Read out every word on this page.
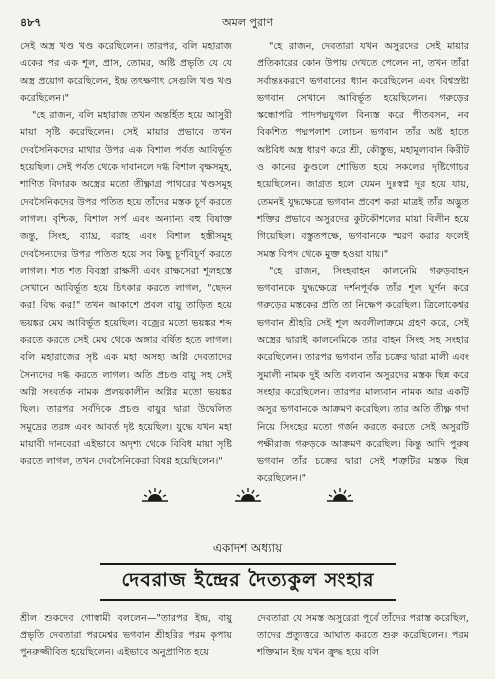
৪৮৭	অমল পুরাণ

সেই অস্ত্র খণ্ড খণ্ড করেছিলেন। তারপর, বলি মহারাজ একের পর এক শূল, প্রাস, তোমর, অষ্টি প্রভৃতি যে যে অস্ত্র প্রয়োগ করেছিলেন, ইন্দ্র তৎক্ষণাৎ সেগুলি খণ্ড খণ্ড করেছিলেন।"

"হে রাজন, বলি মহারাজ তখন অন্তর্হিত হয়ে আসুরী মায়া সৃষ্টি করেছিলেন। সেই মায়ার প্রভাবে তখন দেবসৈনিকদের মাথার উপর এক বিশাল পর্বত আবির্ভূত হয়েছিল। সেই পর্বত থেকে দাবানলে দগ্ধ বিশাল বৃক্ষসমূহ, শাণিত বিদারক অস্ত্রের মতো তীক্ষ্ণাগ্র পাথরের খণ্ডসমূহ দেবসৈনিকদের উপর পতিত হয়ে তাঁদের মস্তক চূর্ণ করতে লাগল। বৃশ্চিক, বিশাল সর্প এবং অন্যান্য বহু বিষাক্ত জন্তু, সিংহ, ব্যাঘ্র, বরাহ এবং বিশাল হস্তীসমূহ দেবসৈন্যদের উপর পতিত হয়ে সব কিছু চূর্ণবিচূর্ণ করতে লাগল। শত শত বিবস্ত্রা রাক্ষসী এবং রাক্ষসেরা শূলহস্তে সেখানে আবির্ভূত হয়ে চিৎকার করতে লাগল, "ছেদন কর! বিদ্ধ কর!" তখন আকাশে প্রবল বায়ু তাড়িত হয়ে ভয়ঙ্কর মেঘ আবির্ভূত হয়েছিল। বজ্রের মতো ভয়ঙ্কর শব্দ করতে করতে সেই মেঘ থেকে অঙ্গার বর্ষিত হতে লাগল। বলি মহারাজের সৃষ্ট এক মহা অসহ্য অগ্নি দেবতাদের সৈন্যদের দগ্ধ করতে লাগল। অতি প্রচণ্ড বায়ু সহ সেই অগ্নি সংবর্তক নামক প্রলয়কালীন অগ্নির মতো ভয়ঙ্কর ছিল। তারপর সর্বদিকে প্রচণ্ড বায়ুর দ্বারা উদ্বেলিত সমুদ্রের তরঙ্গ এবং আবর্ত দৃষ্ট হয়েছিল। যুদ্ধে যখন মহা মায়াবী দানবেরা এইভাবে অদৃশ্য থেকে বিবিধ মায়া সৃষ্টি করতে লাগল, তখন দেবসৈনিকেরা বিষণ্ণ হয়েছিলেন।"

"হে রাজন, দেবতারা যখন অসুরদের সেই মায়ার প্রতিকারের কোন উপায় দেখতে পেলেন না, তখন তাঁরা সর্বান্তঃকরণে ভগবানের ধ্যান করেছিলেন এবং বিশ্বস্রষ্টা ভগবান সেখানে আবির্ভূত হয়েছিলেন। গরুড়ের স্কন্ধোপরি পাদপদ্মযুগল বিন্যস্ত করে পীতবসন, নব বিকশিত পদ্মপলাশ লোচন ভগবান তাঁর অষ্ট হাতে অষ্টবিধ অস্ত্র ধারণ করে শ্রী, কৌস্তুভ, মহামূল্যবান কিরীট ও কানের কুণ্ডলে শোভিত হয়ে সকলের দৃষ্টিগোচর হয়েছিলেন। জাগ্রত হলে যেমন দুঃস্বপ্ন দূর হয়ে যায়, তেমনই যুদ্ধক্ষেত্রে ভগবান প্রবেশ করা মাত্রই তাঁর অদ্ভুত শক্তির প্রভাবে অসুরদের কুটকৌশলের মায়া বিলীন হয়ে গিয়েছিল। বস্তুতপক্ষে, ভগবানকে স্মরণ করার ফলেই সমস্ত বিপদ থেকে মুক্ত হওয়া যায়।"

"হে রাজন, সিংহবাহন কালনেমি গরুড়বাহন ভগবানকে যুদ্ধক্ষেত্রে দর্শনপূর্বক তাঁর শূল ঘূর্ণন করে গরুড়ের মস্তকের প্রতি তা নিক্ষেপ করেছিল। ত্রিলোকেশ্বর ভগবান শ্রীহরি সেই শূল অবলীলাক্রমে গ্রহণ করে, সেই অস্ত্রের দ্বারাই কালনেমিকে তার বাহন সিংহ সহ সংহার করেছিলেন। তারপর ভগবান তাঁর চক্রের দ্বারা মালী এবং সুমালী নামক দুই অতি বলবান অসুরদের মস্তক ছিন্ন করে সংহার করেছিলেন। তারপর মাল্যবান নামক আর একটি অসুর ভগবানকে আক্রমণ করেছিল। তার অতি তীক্ষ্ণ গদা নিয়ে সিংহের মতো গর্জন করতে করতে সেই অসুরটি পক্ষীরাজ গরুড়কে আক্রমণ করেছিল। কিন্তু আদি পুরুষ ভগবান তাঁর চক্রের দ্বারা সেই শত্রুটির মস্তক ছিন্ন করেছিলেন।"

একাদশ অধ্যায়
দেবরাজ ইন্দ্রের দৈত্যকুল সংহার

শ্রীল শুকদেব গোস্বামী বললেন—"তারপর ইন্দ্র, বায়ু প্রভৃতি দেবতারা পরমেশ্বর ভগবান শ্রীহরির পরম কৃপায় পুনরুজ্জীবিত হয়েছিলেন। এইভাবে অনুপ্রাণিত হয়ে

দেবতারা যে সমস্ত অসুরেরা পূর্বে তাঁদের পরাস্ত করেছিল, তাদের প্রত্যুত্তরে আঘাত করতে শুরু করেছিলেন। পরম শক্তিমান ইন্দ্র যখন ক্রুদ্ধ হয়ে বলি
